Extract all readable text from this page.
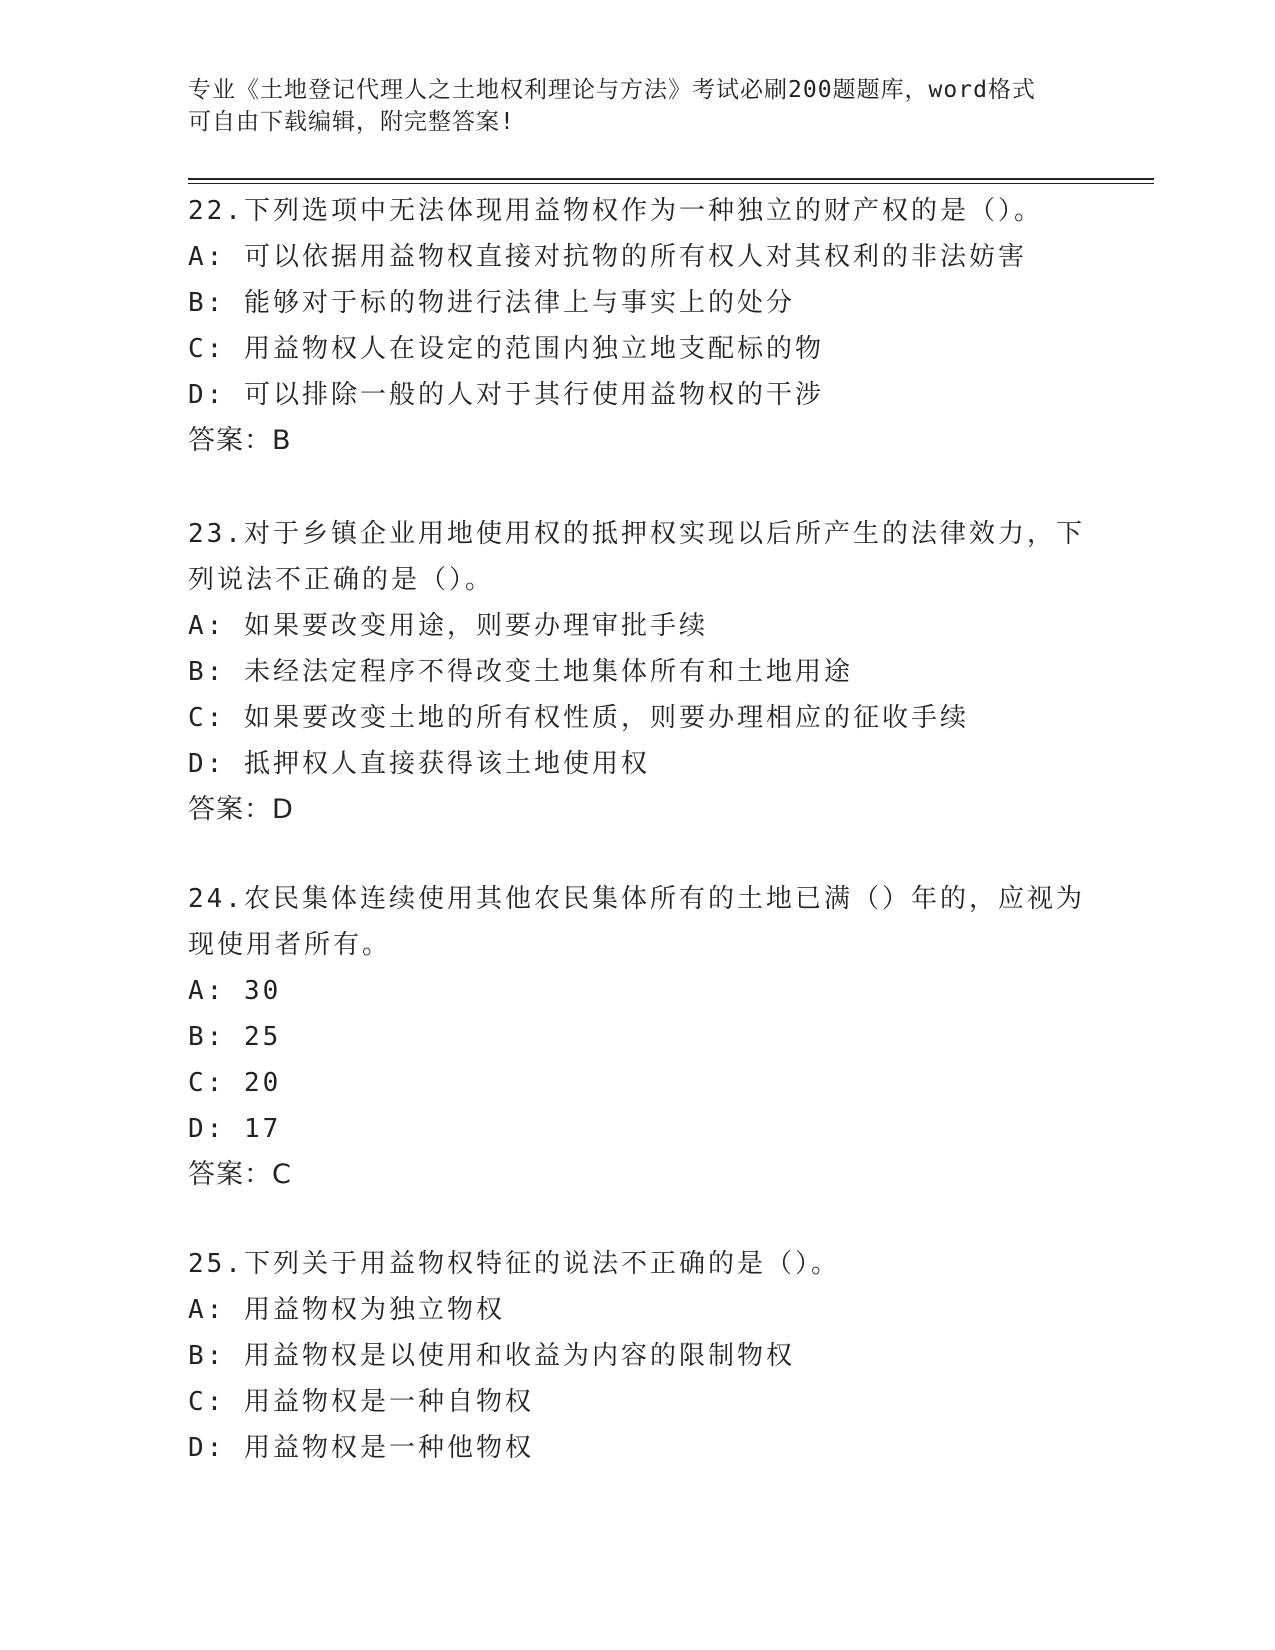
专业《土地登记代理人之土地权利理论与方法》考试必刷200题题库，word格式
可自由下载编辑，附完整答案!
22.下列选项中无法体现用益物权作为一种独立的财产权的是（）。
A: 可以依据用益物权直接对抗物的所有权人对其权利的非法妨害
B: 能够对于标的物进行法律上与事实上的处分
C: 用益物权人在设定的范围内独立地支配标的物
D: 可以排除一般的人对于其行使用益物权的干涉
答案：B
23.对于乡镇企业用地使用权的抵押权实现以后所产生的法律效力，下
列说法不正确的是（）。
A: 如果要改变用途，则要办理审批手续
B: 未经法定程序不得改变土地集体所有和土地用途
C: 如果要改变土地的所有权性质，则要办理相应的征收手续
D: 抵押权人直接获得该土地使用权
答案：D
24.农民集体连续使用其他农民集体所有的土地已满（）年的，应视为
现使用者所有。
A: 30
B: 25
C: 20
D: 17
答案：C
25.下列关于用益物权特征的说法不正确的是（）。
A: 用益物权为独立物权
B: 用益物权是以使用和收益为内容的限制物权
C: 用益物权是一种自物权
D: 用益物权是一种他物权
